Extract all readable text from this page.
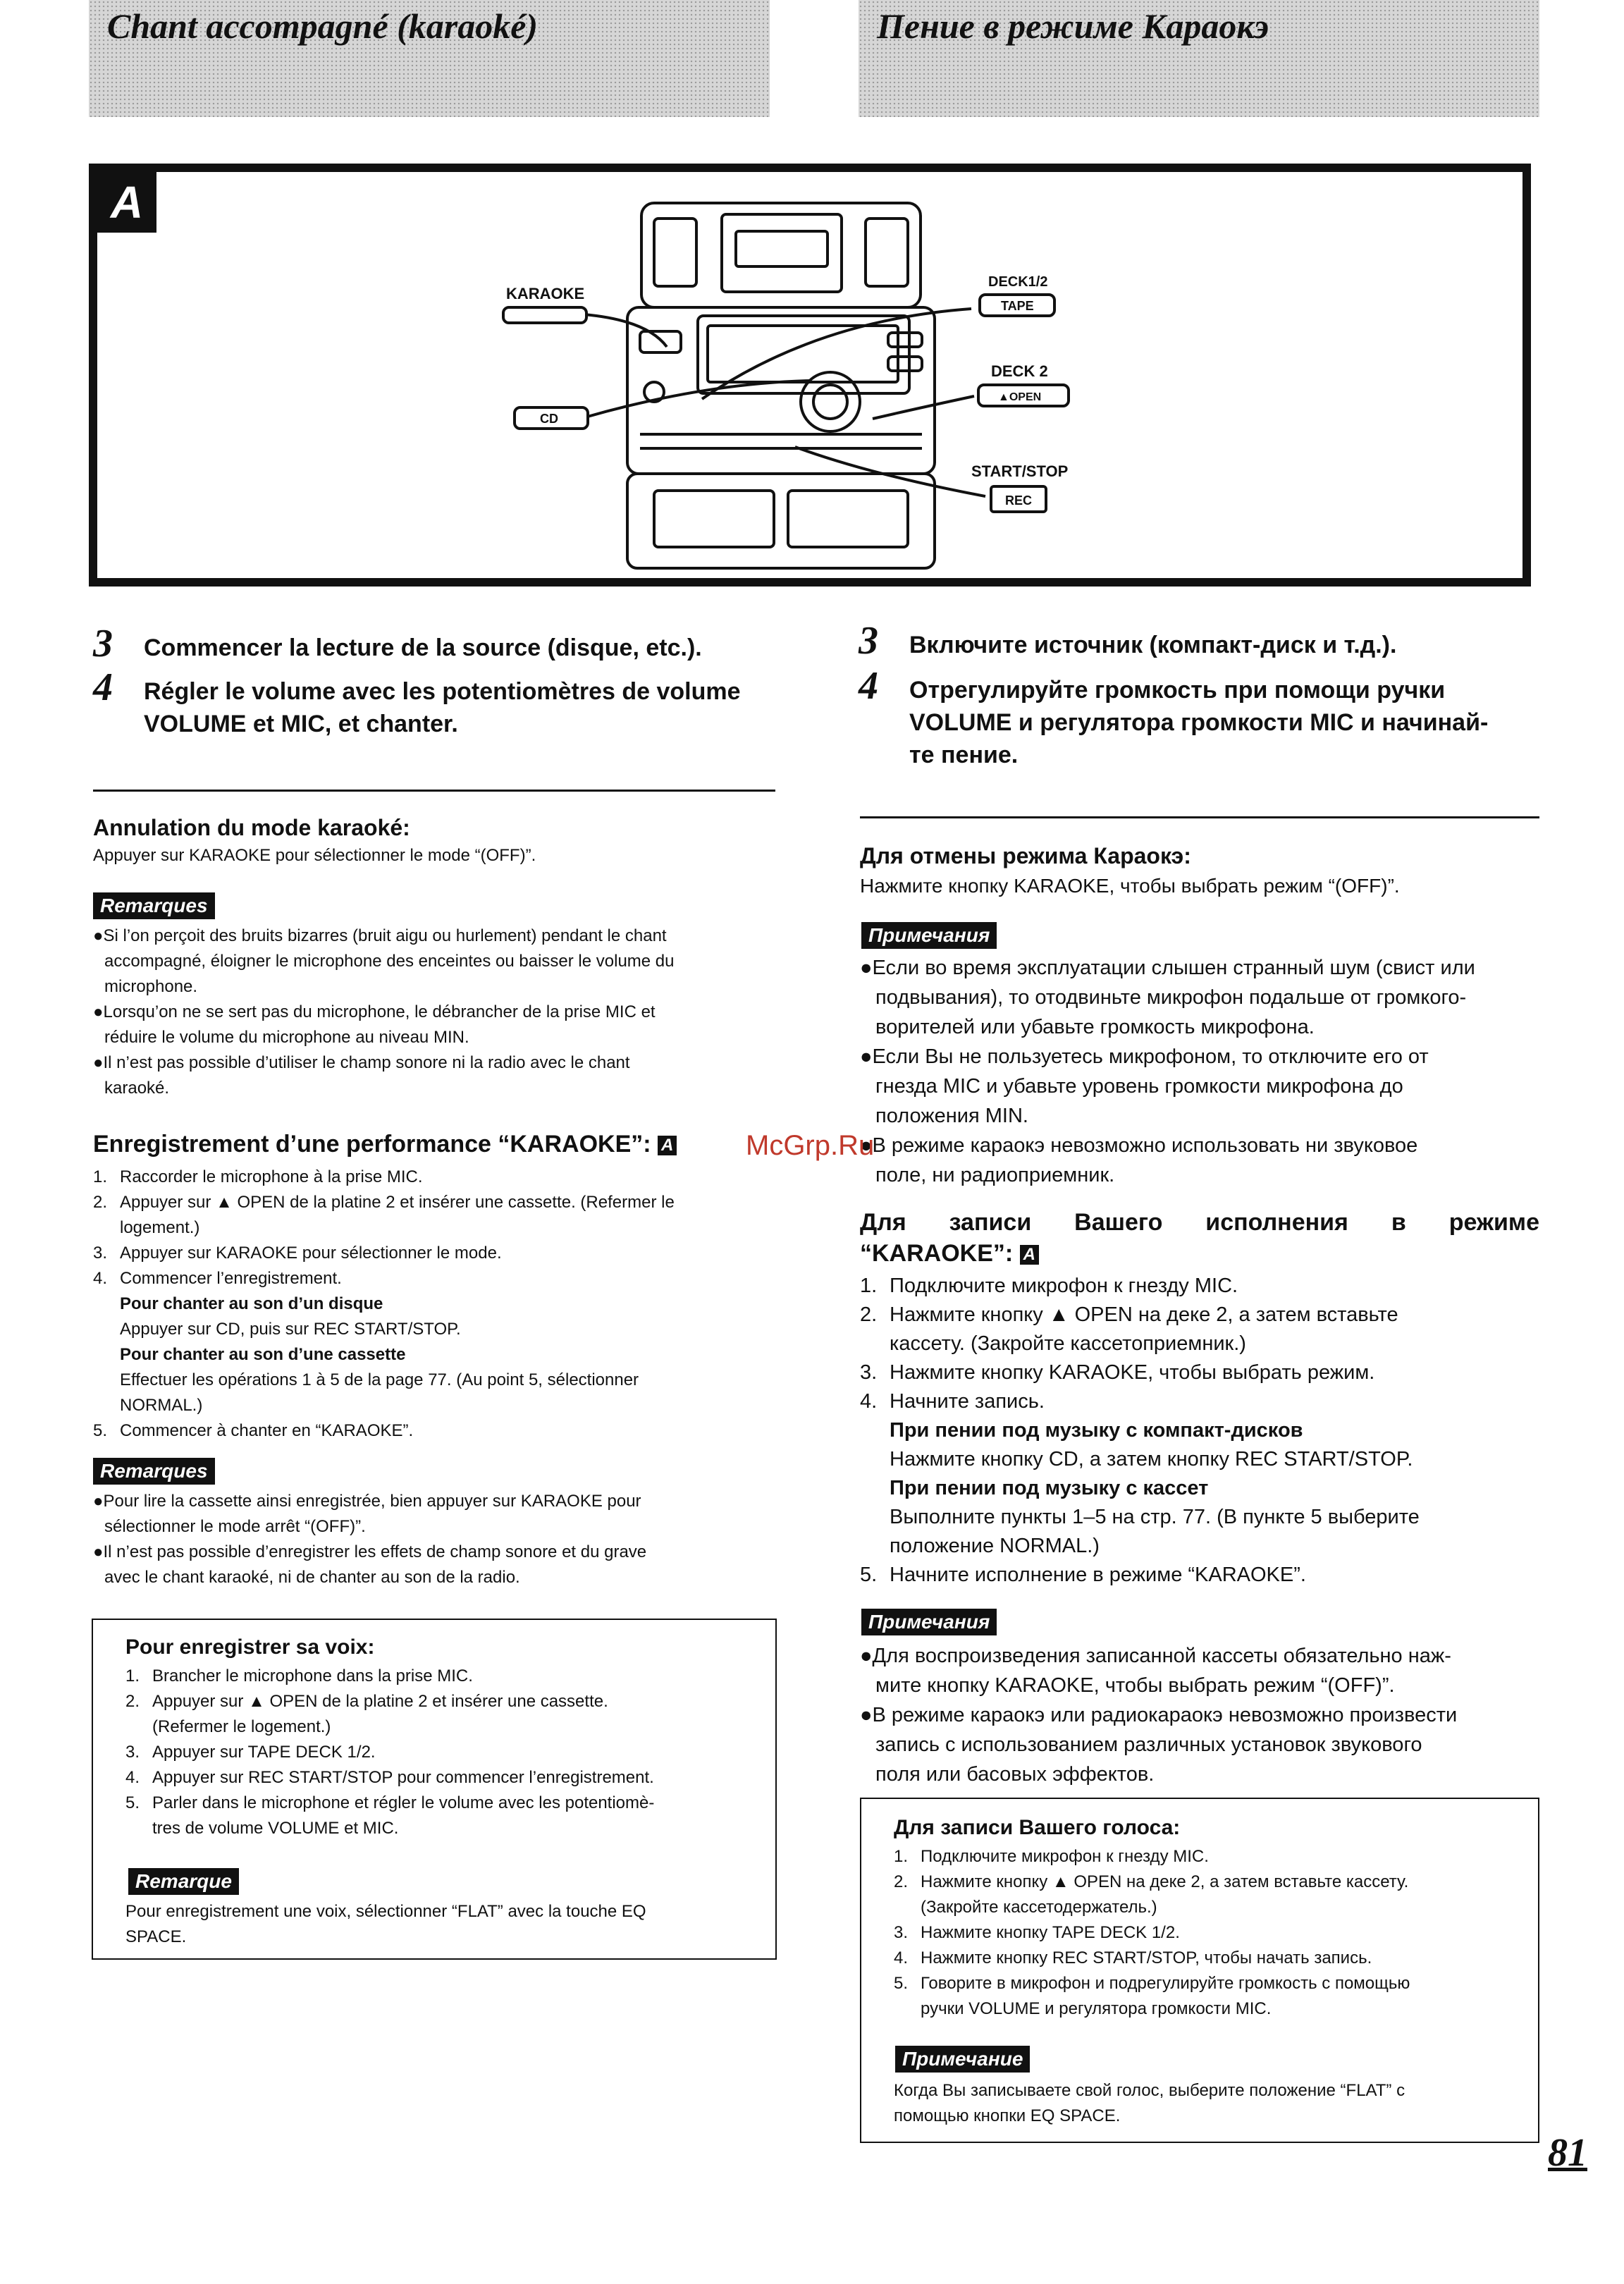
Chant accompagné (karaoké)	Пение в режиме Караокэ
A
KARAOKE
CD
DECK1/2
TAPE
DECK 2
▲OPEN
START/STOP
REC
3 Commencer la lecture de la source (disque, etc.).
4 Régler le volume avec les potentiomètres de volume
VOLUME et MIC, et chanter.
Annulation du mode karaoké:
Appuyer sur KARAOKE pour sélectionner le mode “(OFF)”.
Remarques
●Si l’on perçoit des bruits bizarres (bruit aigu ou hurlement) pendant le chant
accompagné, éloigner le microphone des enceintes ou baisser le volume du
microphone.
●Lorsqu’on ne se sert pas du microphone, le débrancher de la prise MIC et
réduire le volume du microphone au niveau MIN.
●Il n’est pas possible d’utiliser le champ sonore ni la radio avec le chant
karaoké.
Enregistrement d’une performance “KARAOKE”: A
1. Raccorder le microphone à la prise MIC.
2. Appuyer sur ▲ OPEN de la platine 2 et insérer une cassette. (Refermer le
logement.)
3. Appuyer sur KARAOKE pour sélectionner le mode.
4. Commencer l’enregistrement.
Pour chanter au son d’un disque
Appuyer sur CD, puis sur REC START/STOP.
Pour chanter au son d’une cassette
Effectuer les opérations 1 à 5 de la page 77. (Au point 5, sélectionner
NORMAL.)
5. Commencer à chanter en “KARAOKE”.
Remarques
●Pour lire la cassette ainsi enregistrée, bien appuyer sur KARAOKE pour
sélectionner le mode arrêt “(OFF)”.
●Il n’est pas possible d’enregistrer les effets de champ sonore et du grave
avec le chant karaoké, ni de chanter au son de la radio.
Pour enregistrer sa voix:
1. Brancher le microphone dans la prise MIC.
2. Appuyer sur ▲ OPEN de la platine 2 et insérer une cassette.
(Refermer le logement.)
3. Appuyer sur TAPE DECK 1/2.
4. Appuyer sur REC START/STOP pour commencer l’enregistrement.
5. Parler dans le microphone et régler le volume avec les potentiomè-
tres de volume VOLUME et MIC.
Remarque
Pour enregistrement une voix, sélectionner “FLAT” avec la touche EQ
SPACE.
3 Включите источник (компакт-диск и т.д.).
4 Отрегулируйте громкость при помощи ручки
VOLUME и регулятора громкости MIC и начинай-
те пение.
Для отмены режима Караокэ:
Нажмите кнопку KARAOKE, чтобы выбрать режим “(OFF)”.
Примечания
●Если во время эксплуатации слышен странный шум (свист или
подвывания), то отодвиньте микрофон подальше от громкого-
ворителей или убавьте громкость микрофона.
●Если Вы не пользуетесь микрофоном, то отключите его от
гнезда MIC и убавьте уровень громкости микрофона до
положения MIN.
●В режиме караокэ невозможно использовать ни звуковое
поле, ни радиоприемник.
Для записи Вашего исполнения в режиме
“KARAOKE”: A
1. Подключите микрофон к гнезду MIC.
2. Нажмите кнопку ▲ OPEN на деке 2, а затем вставьте
кассету. (Закройте кассетоприемник.)
3. Нажмите кнопку KARAOKE, чтобы выбрать режим.
4. Начните запись.
При пении под музыку с компакт-дисков
Нажмите кнопку CD, а затем кнопку REC START/STOP.
При пении под музыку с кассет
Выполните пункты 1–5 на стр. 77. (В пункте 5 выберите
положение NORMAL.)
5. Начните исполнение в режиме “KARAOKE”.
Примечания
●Для воспроизведения записанной кассеты обязательно наж-
мите кнопку KARAOKE, чтобы выбрать режим “(OFF)”.
●В режиме караокэ или радиокараокэ невозможно произвести
запись с использованием различных установок звукового
поля или басовых эффектов.
Для записи Вашего голоса:
1. Подключите микрофон к гнезду MIC.
2. Нажмите кнопку ▲ OPEN на деке 2, а затем вставьте кассету.
(Закройте кассетодержатель.)
3. Нажмите кнопку TAPE DECK 1/2.
4. Нажмите кнопку REC START/STOP, чтобы начать запись.
5. Говорите в микрофон и подрегулируйте громкость с помощью
ручки VOLUME и регулятора громкости MIC.
Примечание
Когда Вы записываете свой голос, выберите положение “FLAT” с
помощью кнопки EQ SPACE.
McGrp.Ru
81
